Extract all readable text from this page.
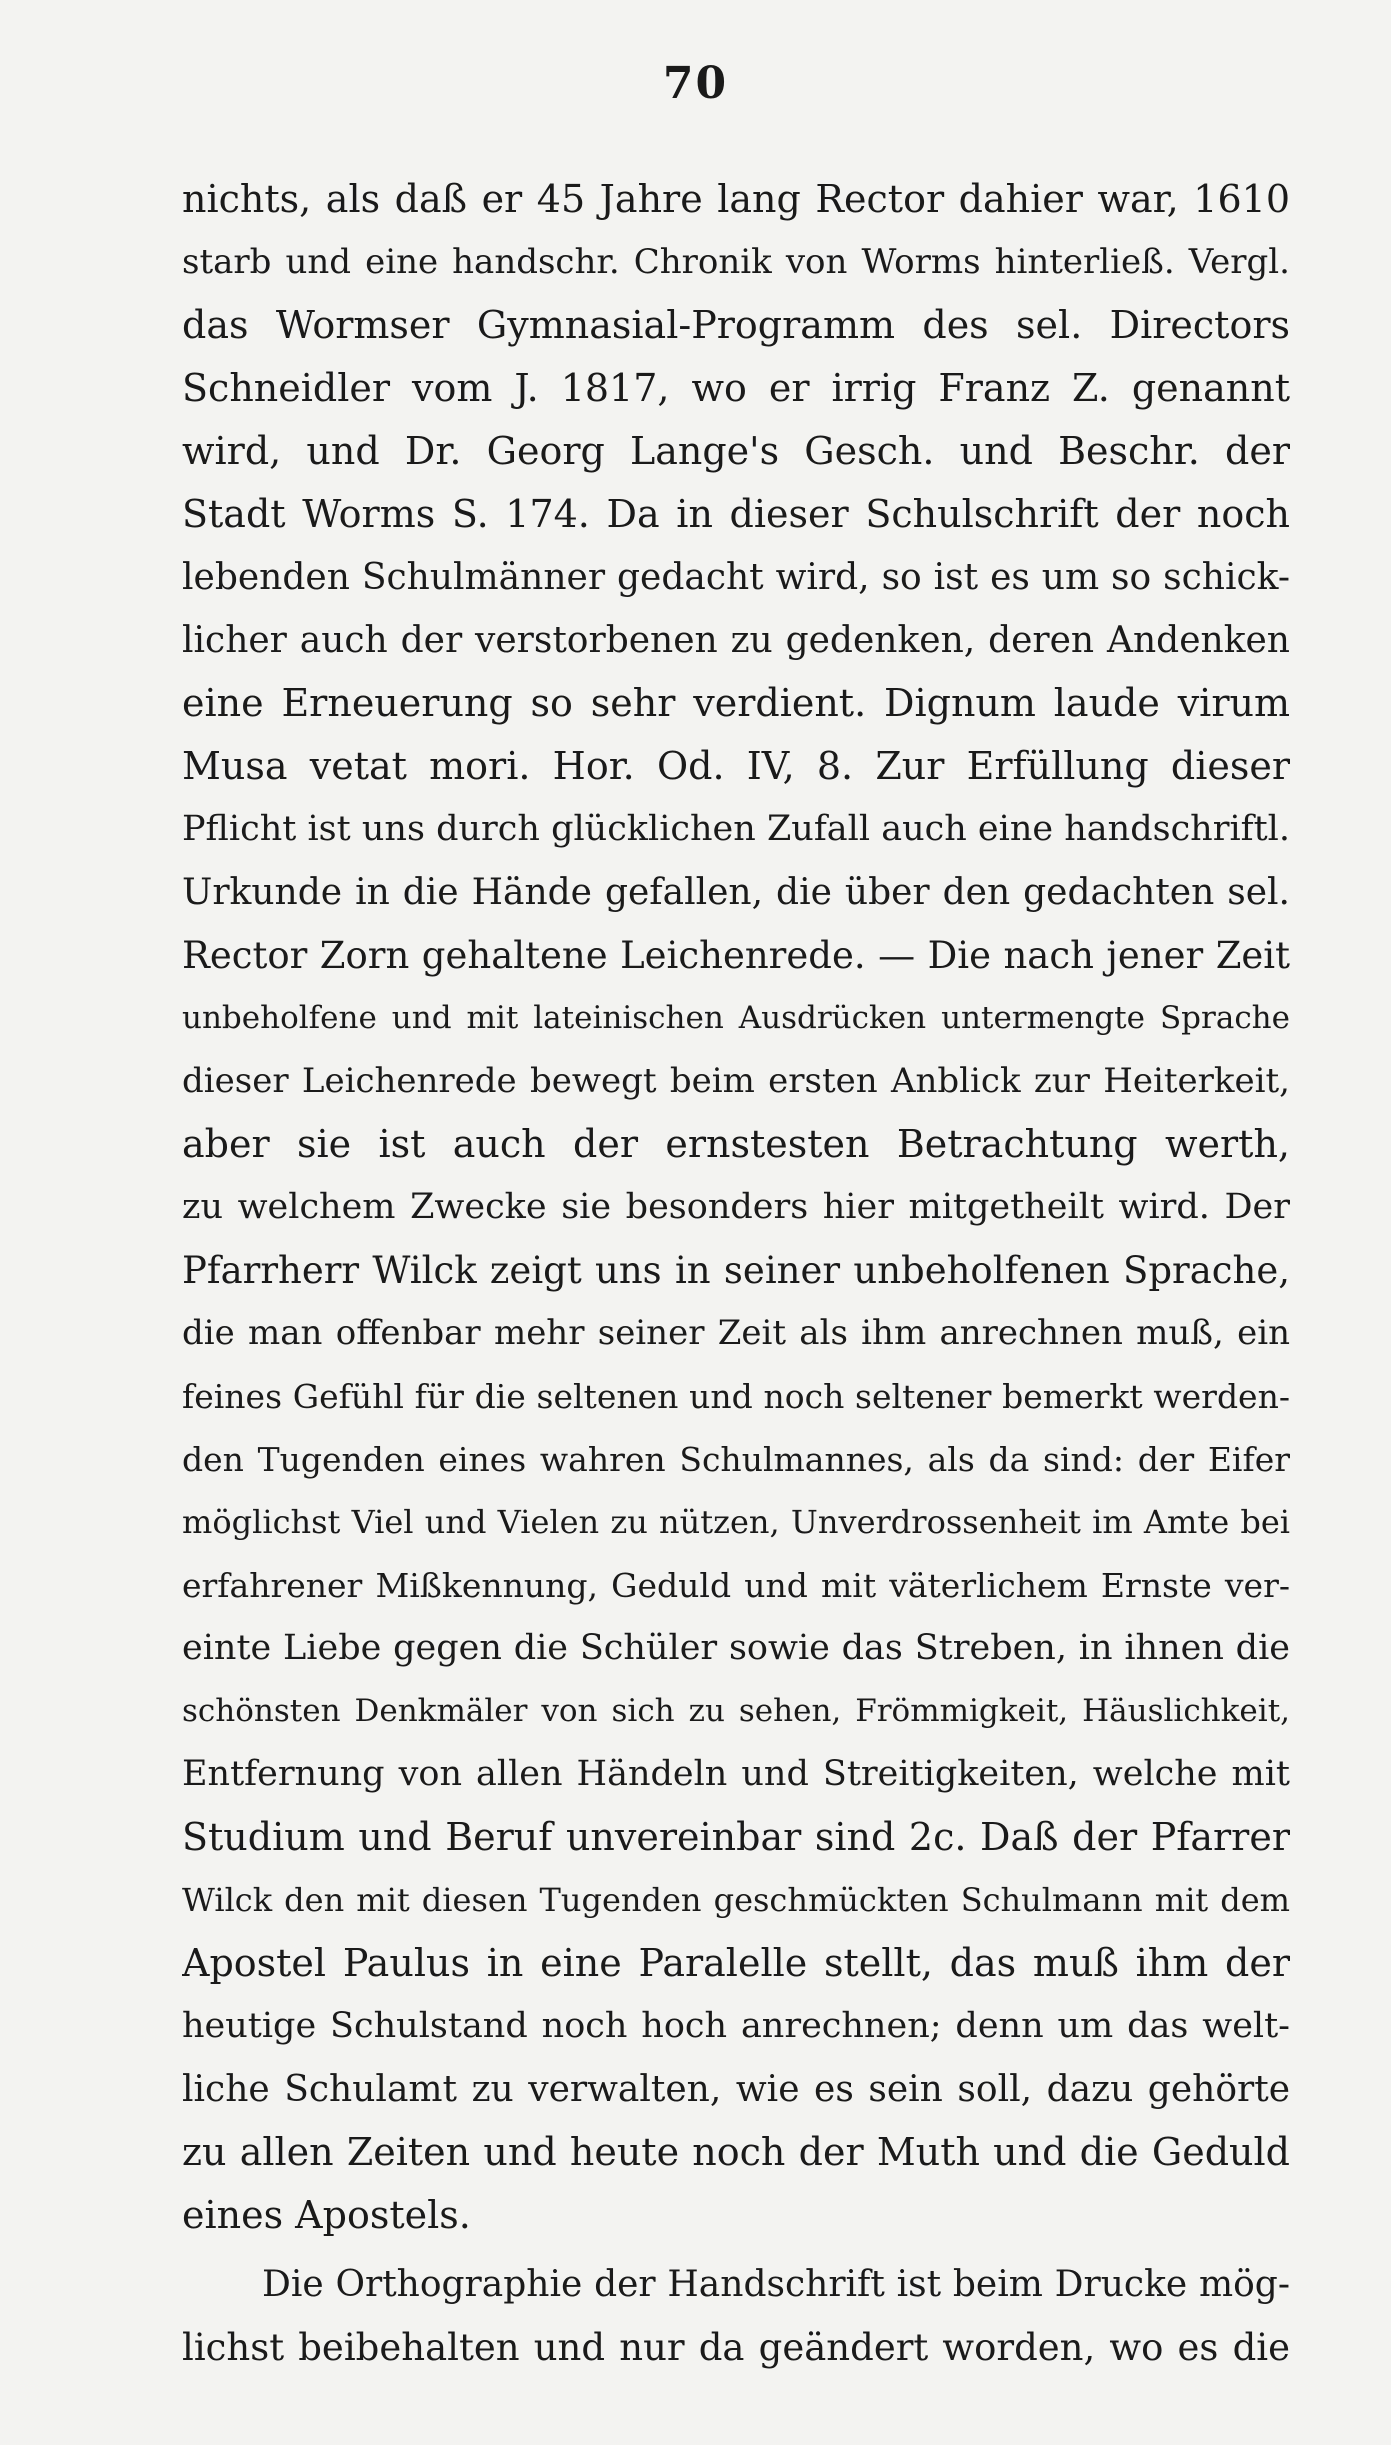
70
nichts, als daß er 45 Jahre lang Rector dahier war, 1610
starb und eine handschr. Chronik von Worms hinterließ. Vergl.
das Wormser Gymnasial-Programm des sel. Directors
Schneidler vom J. 1817, wo er irrig Franz Z. genannt
wird, und Dr. Georg Lange's Gesch. und Beschr. der
Stadt Worms S. 174. Da in dieser Schulschrift der noch
lebenden Schulmänner gedacht wird, so ist es um so schick-
licher auch der verstorbenen zu gedenken, deren Andenken
eine Erneuerung so sehr verdient. Dignum laude virum
Musa vetat mori. Hor. Od. IV, 8. Zur Erfüllung dieser
Pflicht ist uns durch glücklichen Zufall auch eine handschriftl.
Urkunde in die Hände gefallen, die über den gedachten sel.
Rector Zorn gehaltene Leichenrede. — Die nach jener Zeit
unbeholfene und mit lateinischen Ausdrücken untermengte Sprache
dieser Leichenrede bewegt beim ersten Anblick zur Heiterkeit,
aber sie ist auch der ernstesten Betrachtung werth,
zu welchem Zwecke sie besonders hier mitgetheilt wird. Der
Pfarrherr Wilck zeigt uns in seiner unbeholfenen Sprache,
die man offenbar mehr seiner Zeit als ihm anrechnen muß, ein
feines Gefühl für die seltenen und noch seltener bemerkt werden-
den Tugenden eines wahren Schulmannes, als da sind: der Eifer
möglichst Viel und Vielen zu nützen, Unverdrossenheit im Amte bei
erfahrener Mißkennung, Geduld und mit väterlichem Ernste ver-
einte Liebe gegen die Schüler sowie das Streben, in ihnen die
schönsten Denkmäler von sich zu sehen, Frömmigkeit, Häuslichkeit,
Entfernung von allen Händeln und Streitigkeiten, welche mit
Studium und Beruf unvereinbar sind 2c. Daß der Pfarrer
Wilck den mit diesen Tugenden geschmückten Schulmann mit dem
Apostel Paulus in eine Paralelle stellt, das muß ihm der
heutige Schulstand noch hoch anrechnen; denn um das welt-
liche Schulamt zu verwalten, wie es sein soll, dazu gehörte
zu allen Zeiten und heute noch der Muth und die Geduld
eines Apostels.
Die Orthographie der Handschrift ist beim Drucke mög-
lichst beibehalten und nur da geändert worden, wo es die
